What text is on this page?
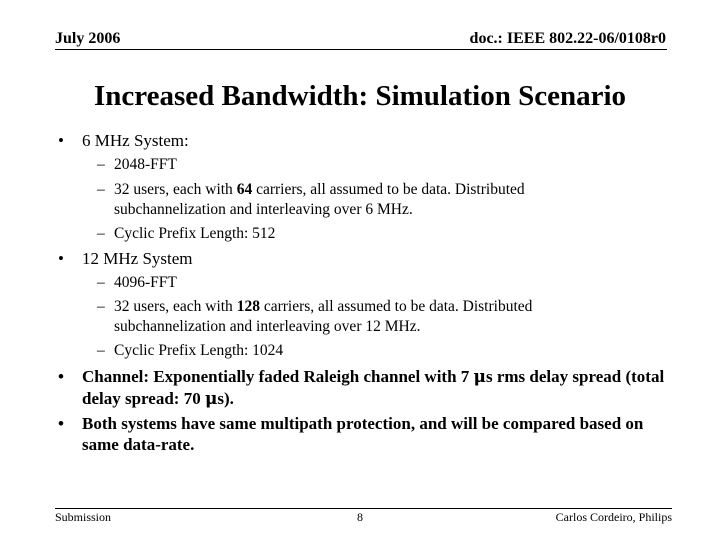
July 2006	doc.: IEEE 802.22-06/0108r0
Increased Bandwidth: Simulation Scenario
• 6 MHz System:
– 2048-FFT
– 32 users, each with 64 carriers, all assumed to be data. Distributed subchannelization and interleaving over 6 MHz.
– Cyclic Prefix Length: 512
• 12 MHz System
– 4096-FFT
– 32 users, each with 128 carriers, all assumed to be data. Distributed subchannelization and interleaving over 12 MHz.
– Cyclic Prefix Length: 1024
• Channel: Exponentially faded Raleigh channel with 7 μs rms delay spread (total delay spread: 70 μs).
• Both systems have same multipath protection, and will be compared based on same data-rate.
Submission	8	Carlos Cordeiro, Philips
